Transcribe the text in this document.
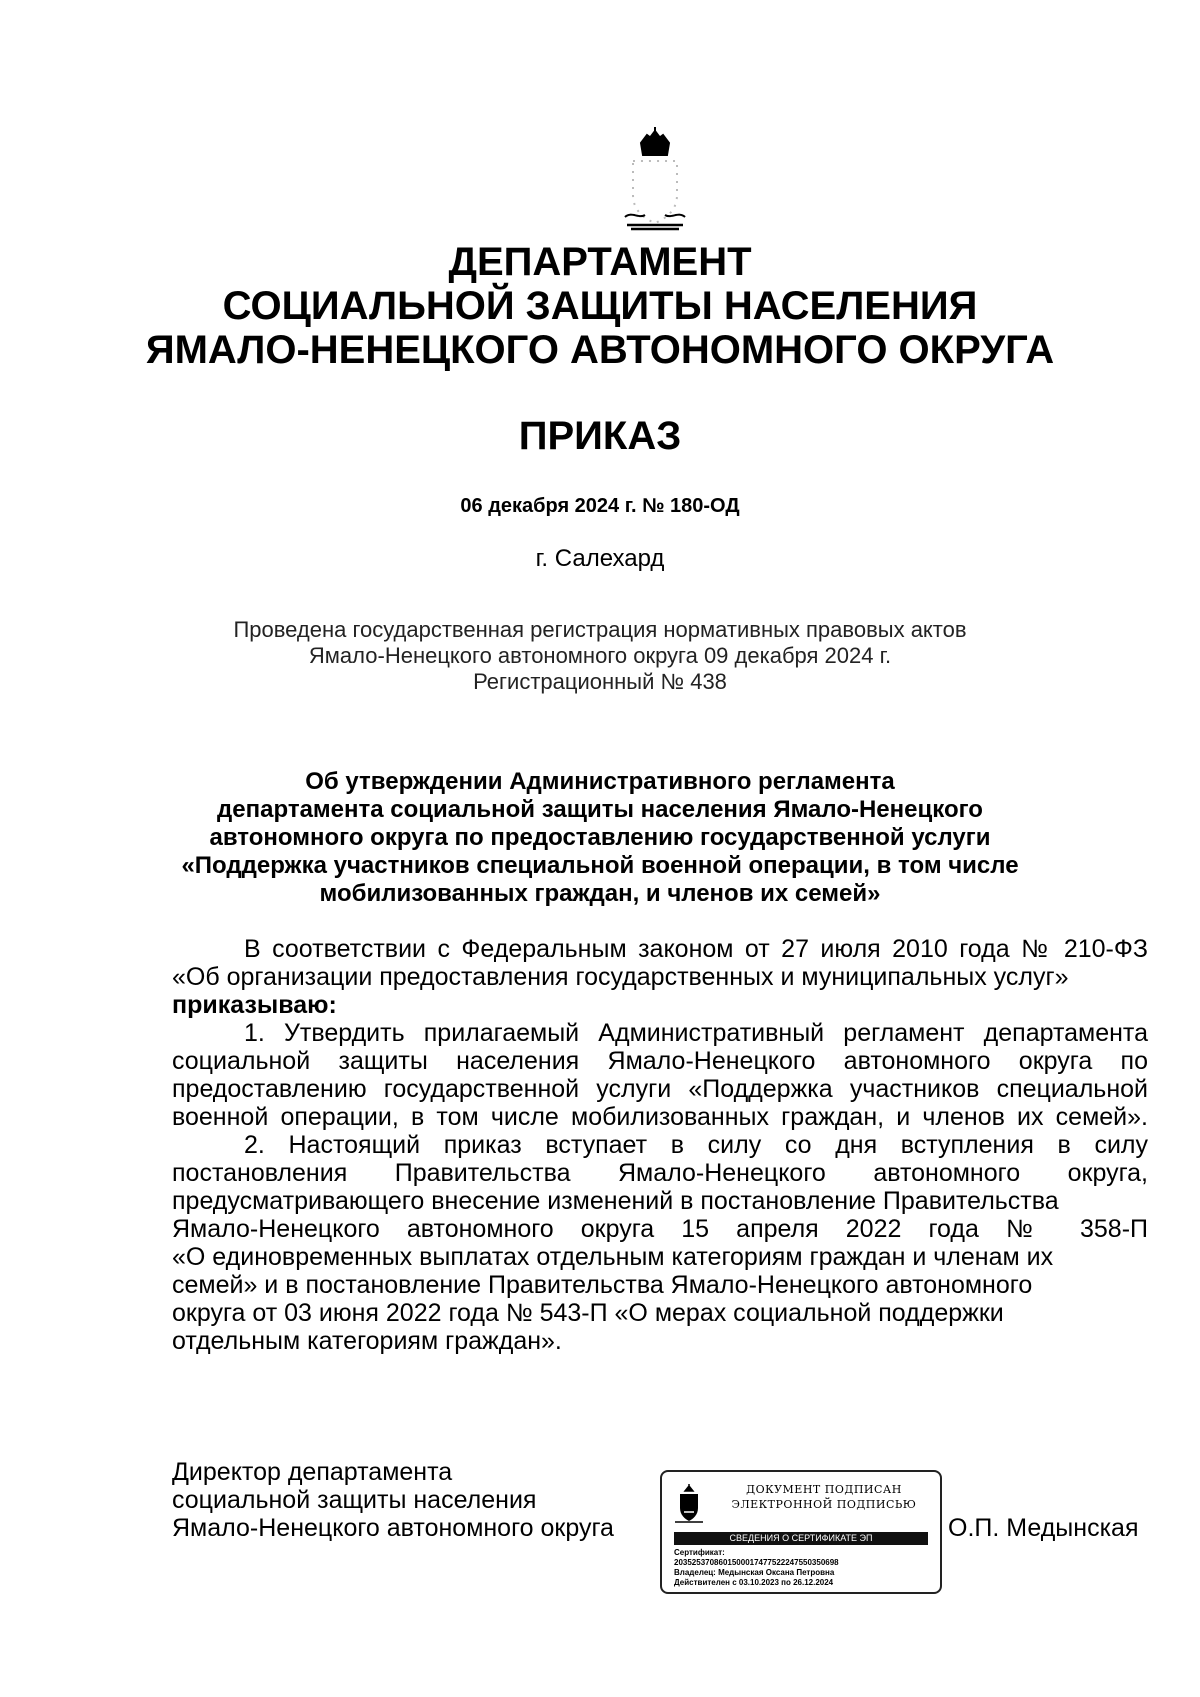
ДЕПАРТАМЕНТ
СОЦИАЛЬНОЙ ЗАЩИТЫ НАСЕЛЕНИЯ
ЯМАЛО-НЕНЕЦКОГО АВТОНОМНОГО ОКРУГА
ПРИКАЗ
06 декабря 2024 г. № 180-ОД
г. Салехард
Проведена государственная регистрация нормативных правовых актов
Ямало-Ненецкого автономного округа 09 декабря 2024 г.
Регистрационный № 438
Об утверждении Административного регламента
департамента социальной защиты населения Ямало-Ненецкого
автономного округа по предоставлению государственной услуги
«Поддержка участников специальной военной операции, в том числе
мобилизованных граждан, и членов их семей»

В соответствии с Федеральным законом от 27 июля 2010 года № 210-ФЗ

«Об организации предоставления государственных и муниципальных услуг»

приказываю:

1. Утвердить прилагаемый Административный регламент департамента

социальной защиты населения Ямало-Ненецкого автономного округа по

предоставлению государственной услуги «Поддержка участников специальной

военной операции, в том числе мобилизованных граждан, и членов их семей».

2. Настоящий приказ вступает в силу со дня вступления в силу

постановления Правительства Ямало-Ненецкого автономного округа,

предусматривающего внесение изменений в постановление Правительства

Ямало-Ненецкого автономного округа 15 апреля 2022 года № 358-П

«О единовременных выплатах отдельным категориям граждан и членам их

семей» и в постановление Правительства Ямало-Ненецкого автономного

округа от 03 июня 2022 года № 543-П «О мерах социальной поддержки

отдельным категориям граждан».

Директор департамента
социальной защиты населения
Ямало-Ненецкого автономного округа
ДОКУМЕНТ ПОДПИСАН
ЭЛЕКТРОННОЙ ПОДПИСЬЮ
СВЕДЕНИЯ О СЕРТИФИКАТЕ ЭП
Сертификат:
2035253708601500017477522247550350698
Владелец: Медынская Оксана Петровна
Действителен с 03.10.2023 по 26.12.2024
О.П. Медынская
